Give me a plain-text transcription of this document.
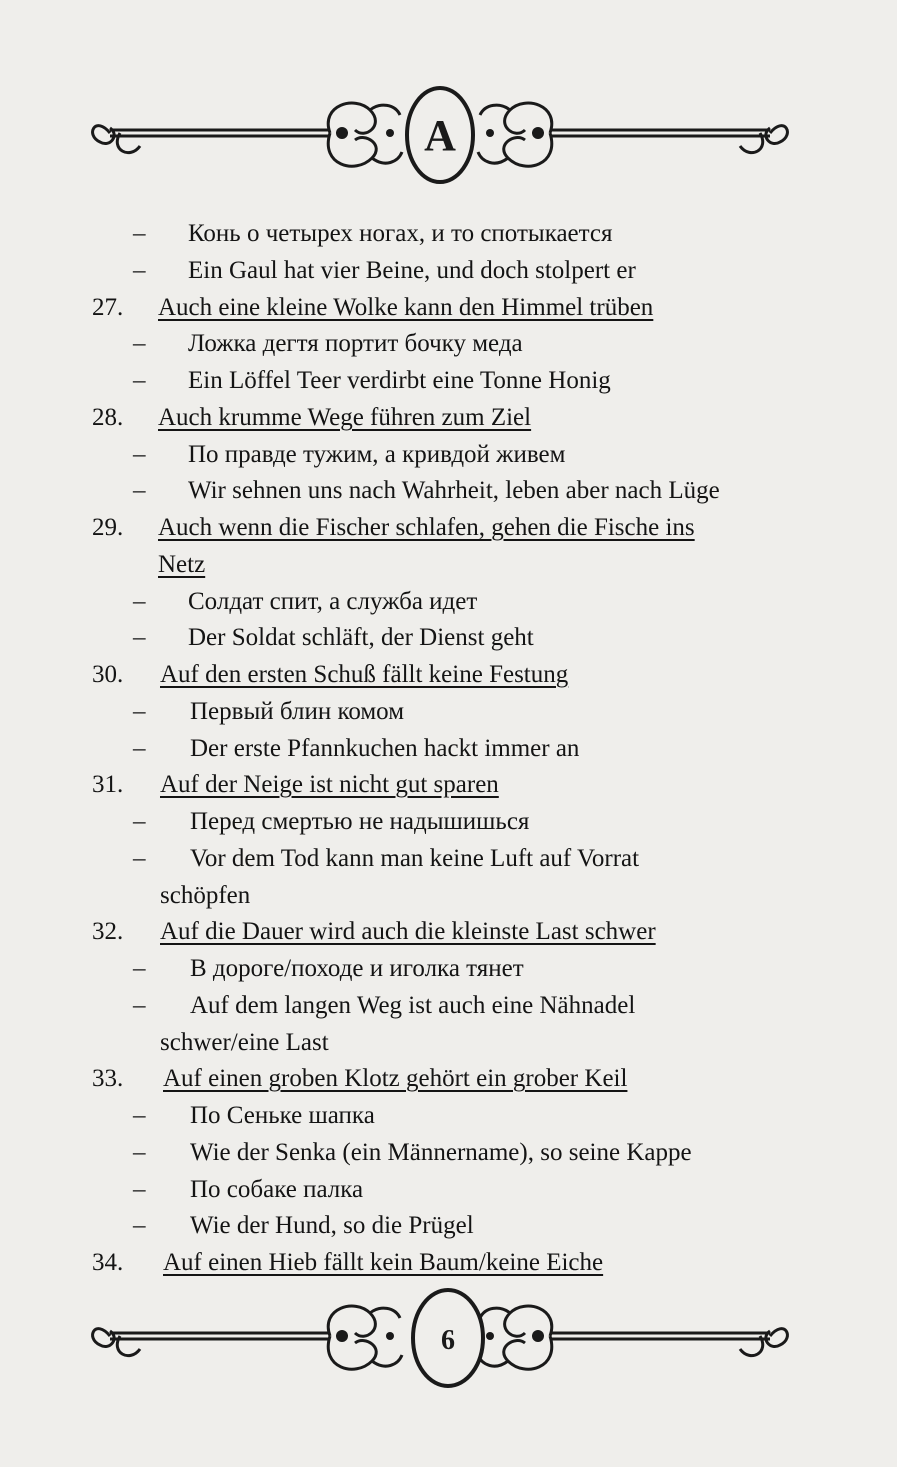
A
– Конь о четырех ногах, и то спотыкается
– Ein Gaul hat vier Beine, und doch stolpert er
27. Auch eine kleine Wolke kann den Himmel trüben
– Ложка дегтя портит бочку меда
– Ein Löffel Teer verdirbt eine Tonne Honig
28. Auch krumme Wege führen zum Ziel
– По правде тужим, а кривдой живем
– Wir sehnen uns nach Wahrheit, leben aber nach Lüge
29. Auch wenn die Fischer schlafen, gehen die Fische ins
Netz
– Солдат спит, а служба идет
– Der Soldat schläft, der Dienst geht
30. Auf den ersten Schuß fällt keine Festung
– Первый блин комом
– Der erste Pfannkuchen hackt immer an
31. Auf der Neige ist nicht gut sparen
– Перед смертью не надышишься
– Vor dem Tod kann man keine Luft auf Vorrat
schöpfen
32. Auf die Dauer wird auch die kleinste Last schwer
– В дороге/походе и иголка тянет
– Auf dem langen Weg ist auch eine Nähnadel
schwer/eine Last
33. Auf einen groben Klotz gehört ein grober Keil
– По Сеньке шапка
– Wie der Senka (ein Männername), so seine Kappe
– По собаке палка
– Wie der Hund, so die Prügel
34. Auf einen Hieb fällt kein Baum/keine Eiche
6
